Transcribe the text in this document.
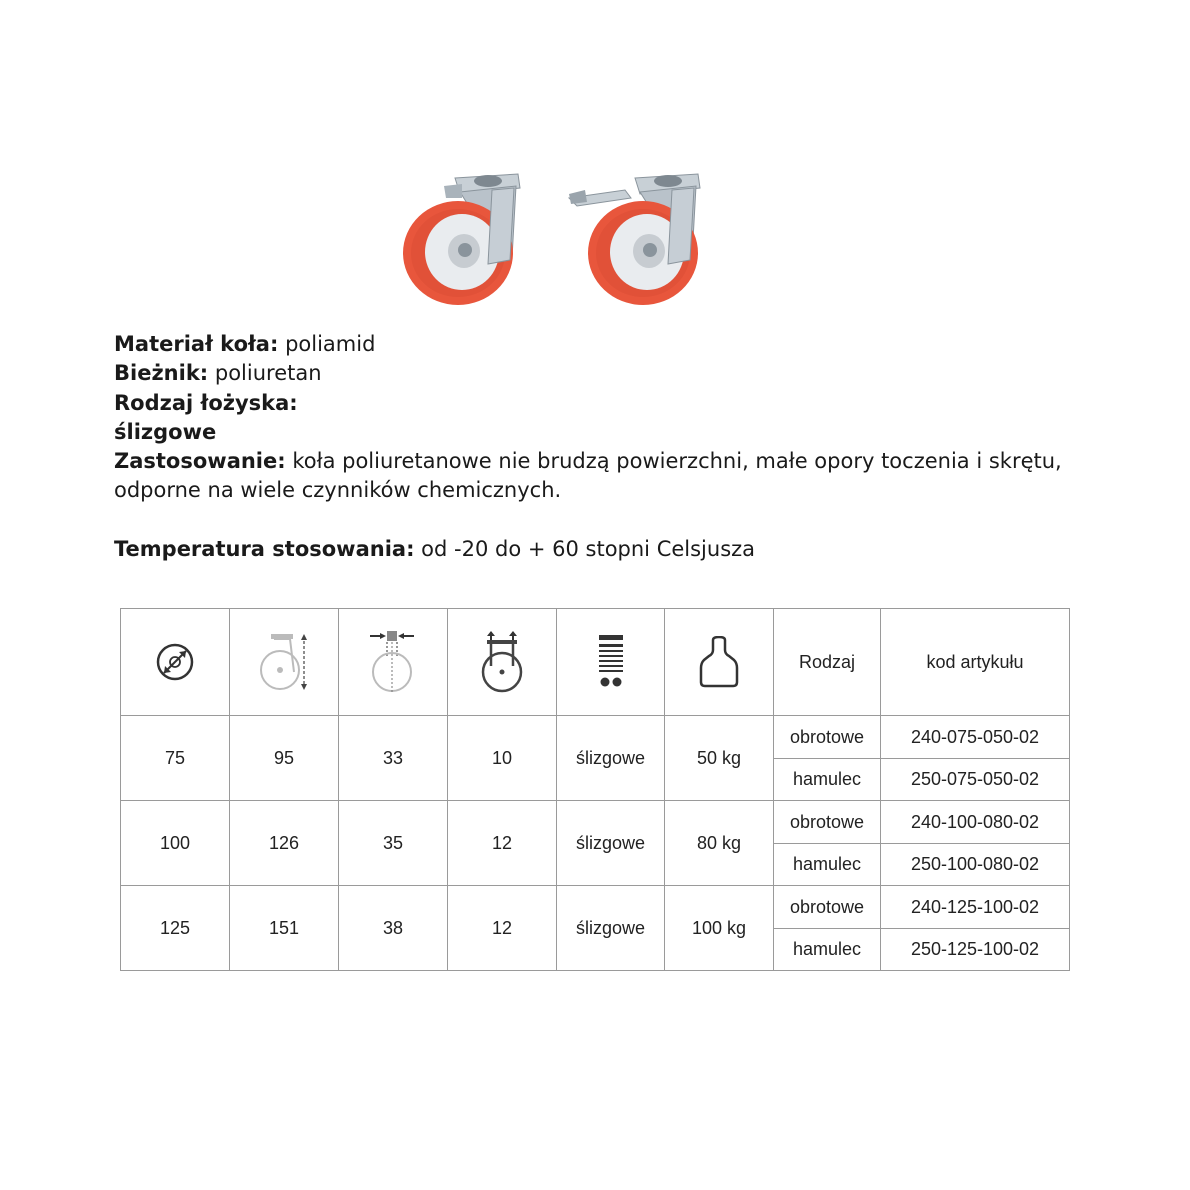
Materiał koła: poliamid

Bieżnik: poliuretan

Rodzaj łożyska:

ślizgowe

Zastosowanie: koła poliuretanowe nie brudzą powierzchni, małe opory toczenia i skrętu, odporne na wiele czynników chemicznych.

Temperatura stosowania: od -20 do + 60 stopni Celsjusza

						Rodzaj	kod artykułu
75	95	33	10	ślizgowe	50 kg	obrotowe	240-075-050-02
						hamulec	250-075-050-02
100	126	35	12	ślizgowe	80 kg	obrotowe	240-100-080-02
						hamulec	250-100-080-02
125	151	38	12	ślizgowe	100 kg	obrotowe	240-125-100-02
						hamulec	250-125-100-02
